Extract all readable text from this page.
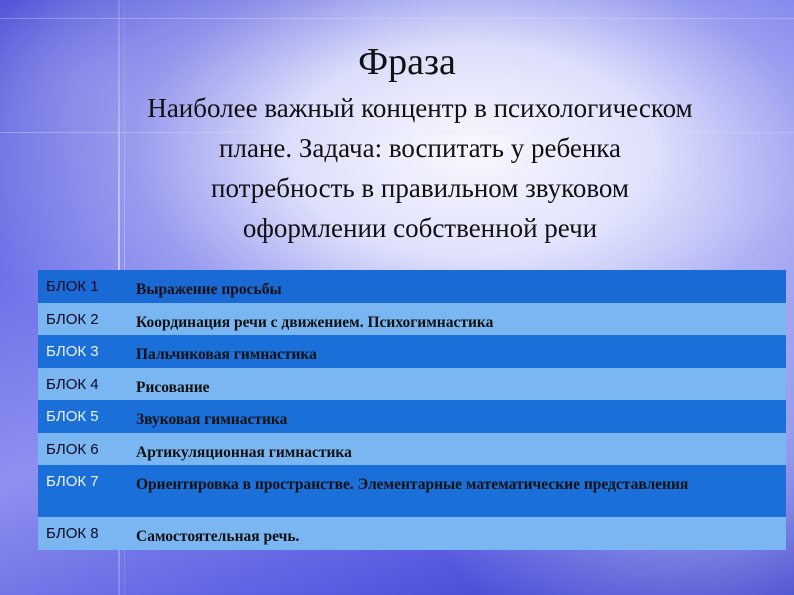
Фраза
Наиболее важный концентр в психологическом
плане. Задача: воспитать у ребенка
потребность в правильном звуковом
оформлении собственной речи
БЛОК 1	Выражение просьбы
БЛОК 2	Координация речи с движением. Психогимнастика
БЛОК 3	Пальчиковая гимнастика
БЛОК 4	Рисование
БЛОК 5	Звуковая гимнастика
БЛОК 6	Артикуляционная гимнастика
БЛОК 7	Ориентировка в пространстве. Элементарные математические представления
БЛОК 8	Самостоятельная речь.
